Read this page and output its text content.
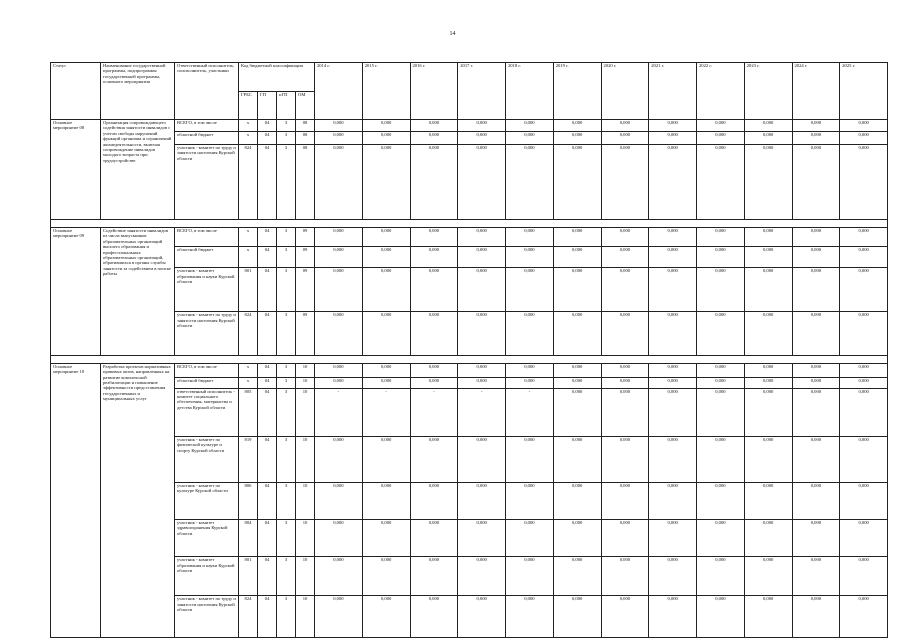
14
Статус	Наименование государственной программы, подпрограммы государственной программы, основного мероприятия	Ответственный исполнитель, соисполнитель, участники	Код бюджетной классификации				2014 г.	2015 г.	2016 г.	2017 г.	2018 г.	2019 г.	2020 г.	2021 г.	2022 г.	2023 г.	2024 г.	2025 г.
			ГРБС	ГП	пГП	ОМ												
Основное мероприятие 08	Организация сопровождающего содействия занятости инвалидов с учетом свободы нарушений функций организма и ограничений жизнедеятельности, включая сопровождение инвалидов молодого возраста при трудоустройстве	ВСЕГО, в том числе	х	04	3	08	0,000	0,000	0,000	0,000	0,000	0,000	0,000	0,000	0,000	0,000	0,000	0,000
		областной бюджет	х	04	3	08	0,000	0,000	0,000	0,000	0,000	0,000	0,000	0,000	0,000	0,000	0,000	0,000
		участник - комитет по труду и занятости населения Курской области	824	04	3	08	0,000	0,000	0,000	0,000	0,000	0,000	0,000	0,000	0,000	0,000	0,000	0,000

Основное мероприятие 09	Содействие занятости инвалидов из числа выпускников образовательных организаций высшего образования и профессиональных образовательных организаций, обратившихся в органы службы занятости за содействием в поиске работы	ВСЕГО, в том числе	х	04	3	09	0,000	0,000	0,000	0,000	0,000	0,000	0,000	0,000	0,000	0,000	0,000	0,000
		областной бюджет	х	04	3	09	0,000	0,000	0,000	0,000	0,000	0,000	0,000	0,000	0,000	0,000	0,000	0,000
		участник - комитет образования и науки Курской области	801	04	3	09	0,000	0,000	0,000	0,000	0,000	0,000	0,000	0,000	0,000	0,000	0,000	0,000
		участник - комитет по труду и занятости населения Курской области	824	04	3	09	0,000	0,000	0,000	0,000	0,000	0,000	0,000	0,000	0,000	0,000	0,000	0,000

Основное мероприятие 10	Разработка проектов нормативных правовых актов, направленных на развитие комплексной реабилитации и повышение эффективности предоставления государственных и муниципальных услуг	ВСЕГО, в том числе	х	04	3	10	0,000	0,000	0,000	0,000	0,000	0,000	0,000	0,000	0,000	0,000	0,000	0,000
		областной бюджет	х	04	3	10	0,000	0,000	0,000	0,000	0,000	0,000	0,000	0,000	0,000	0,000	0,000	0,000
		ответственный исполнитель - комитет социального обеспечения, материнства и детства Курской области	805	04	3	10	-	-	-	-	-	0,000	0,000	0,000	0,000	0,000	0,000	0,000
		участник - комитет по физической культуре и спорту Курской области	819	04	3	10	0,000	0,000	0,000	0,000	0,000	0,000	0,000	0,000	0,000	0,000	0,000	0,000
		участник - комитет по культуре Курской области	806	04	3	10	0,000	0,000	0,000	0,000	0,000	0,000	0,000	0,000	0,000	0,000	0,000	0,000
		участник - комитет здравоохранения Курской области	804	04	3	10	0,000	0,000	0,000	0,000	0,000	0,000	0,000	0,000	0,000	0,000	0,000	0,000
		участник - комитет образования и науки Курской области	801	04	3	10	0,000	0,000	0,000	0,000	0,000	0,000	0,000	0,000	0,000	0,000	0,000	0,000
		участник - комитет по труду и занятости населения Курской области	824	04	3	10	0,000	0,000	0,000	0,000	0,000	0,000	0,000	0,000	0,000	0,000	0,000	0,000
